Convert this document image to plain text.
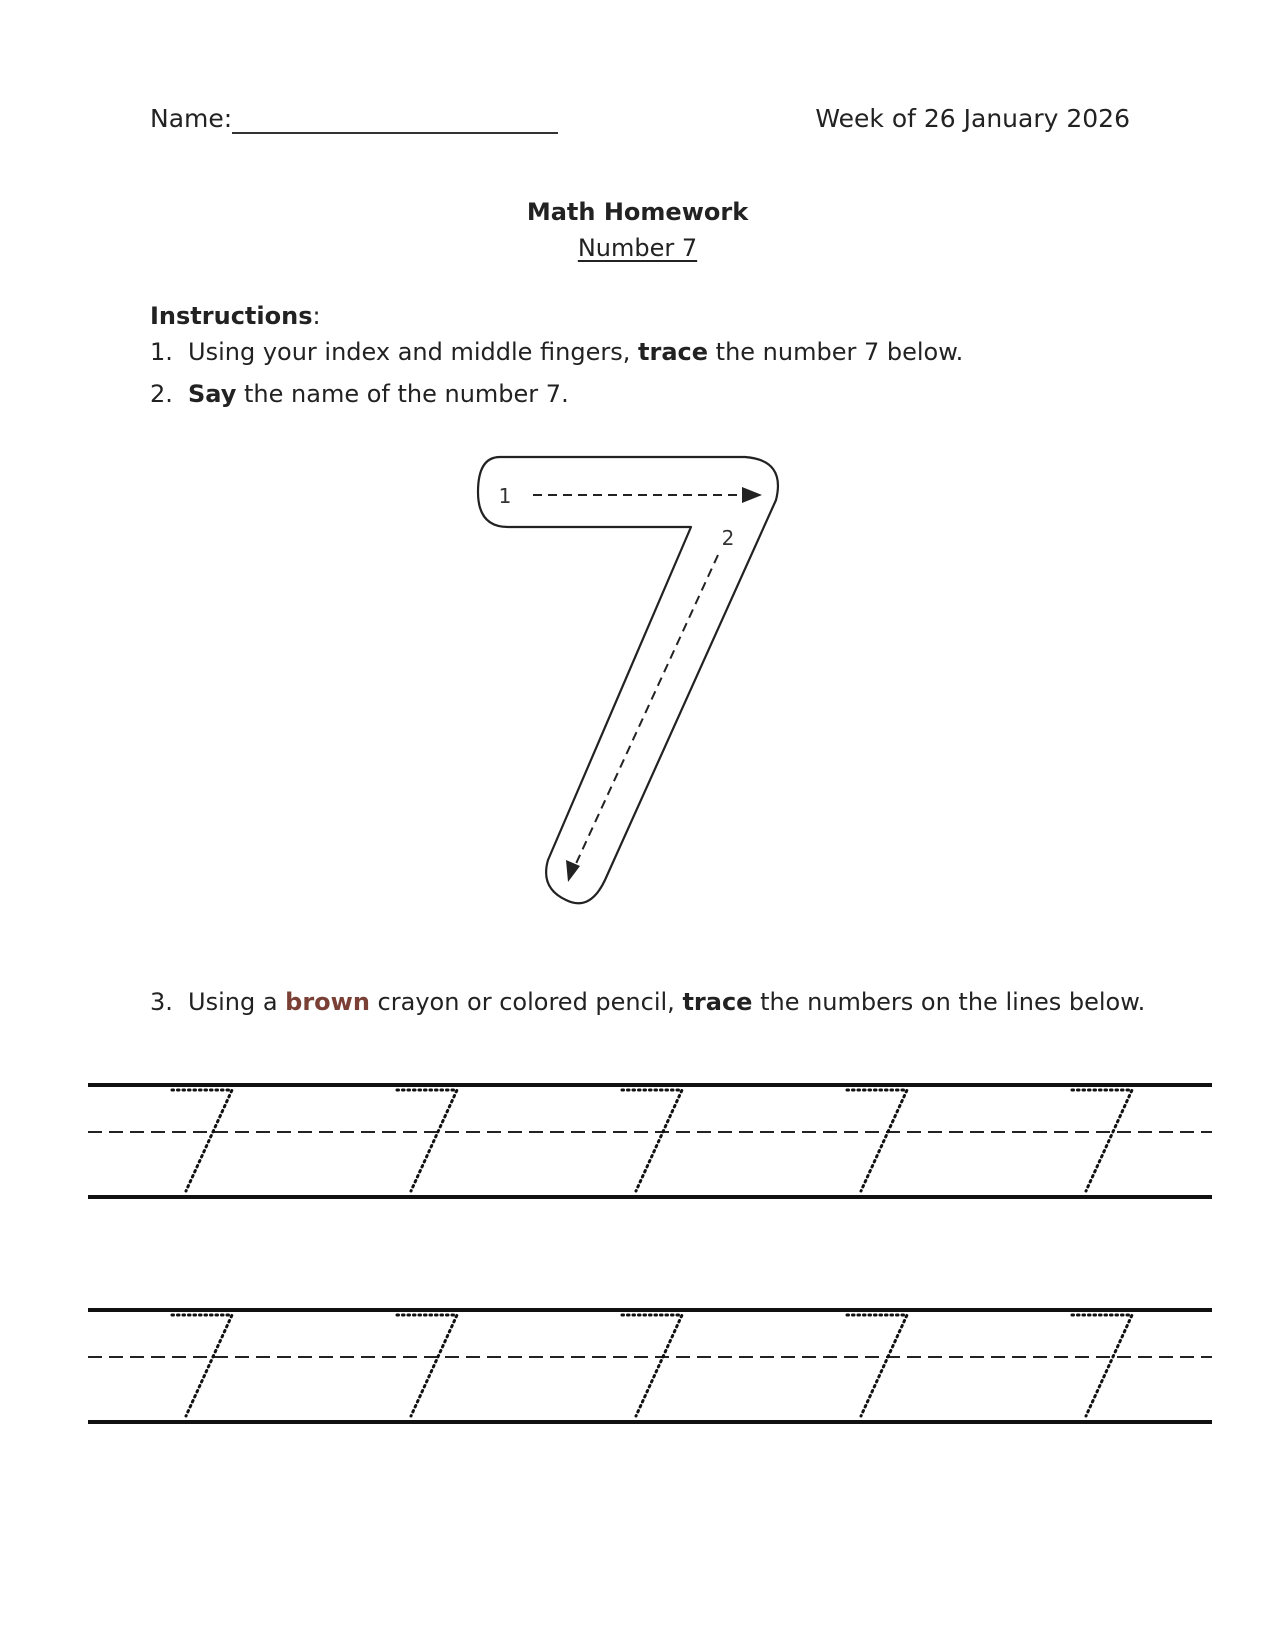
Name:	Week of 26 January 2026
Math Homework
Number 7
Instructions:
1. Using your index and middle fingers, trace the number 7 below.
2. Say the name of the number 7.
1
2
3. Using a brown crayon or colored pencil, trace the numbers on the lines below.
